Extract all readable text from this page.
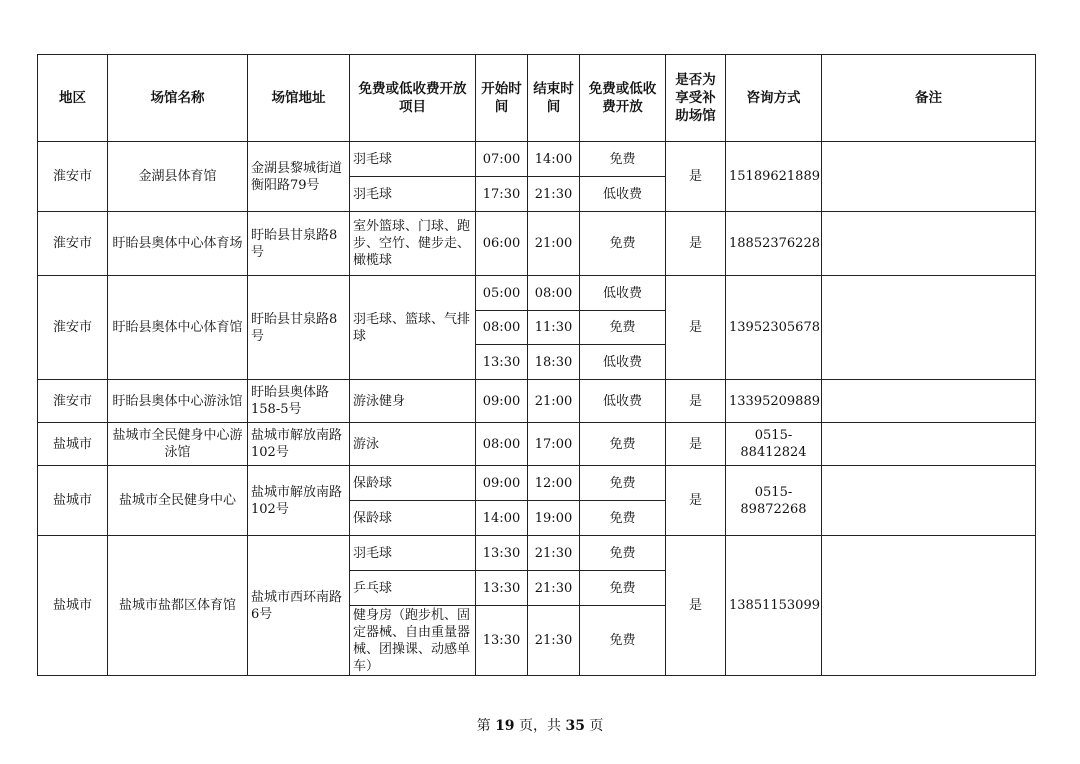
地区	场馆名称	场馆地址	免费或低收费开放项目	开始时间	结束时间	免费或低收费开放	是否为享受补助场馆	咨询方式	备注
淮安市	金湖县体育馆	金湖县黎城街道衡阳路79号	羽毛球	07:00	14:00	免费	是	15189621889	
			羽毛球	17:30	21:30	低收费			
淮安市	盱眙县奥体中心体育场	盱眙县甘泉路8号	室外篮球、门球、跑步、空竹、健步走、橄榄球	06:00	21:00	免费	是	18852376228	
淮安市	盱眙县奥体中心体育馆	盱眙县甘泉路8号	羽毛球、篮球、气排球	05:00	08:00	低收费	是	13952305678	
				08:00	11:30	免费			
				13:30	18:30	低收费			
淮安市	盱眙县奥体中心游泳馆	盱眙县奥体路158-5号	游泳健身	09:00	21:00	低收费	是	13395209889	
盐城市	盐城市全民健身中心游泳馆	盐城市解放南路102号	游泳	08:00	17:00	免费	是	0515-88412824	
盐城市	盐城市全民健身中心	盐城市解放南路102号	保龄球	09:00	12:00	免费	是	0515-89872268	
			保龄球	14:00	19:00	免费			
盐城市	盐城市盐都区体育馆	盐城市西环南路6号	羽毛球	13:30	21:30	免费	是	13851153099	
			乒乓球	13:30	21:30	免费			
			健身房（跑步机、固定器械、自由重量器械、团操课、动感单车）	13:30	21:30	免费			
第 19 页，共 35 页
